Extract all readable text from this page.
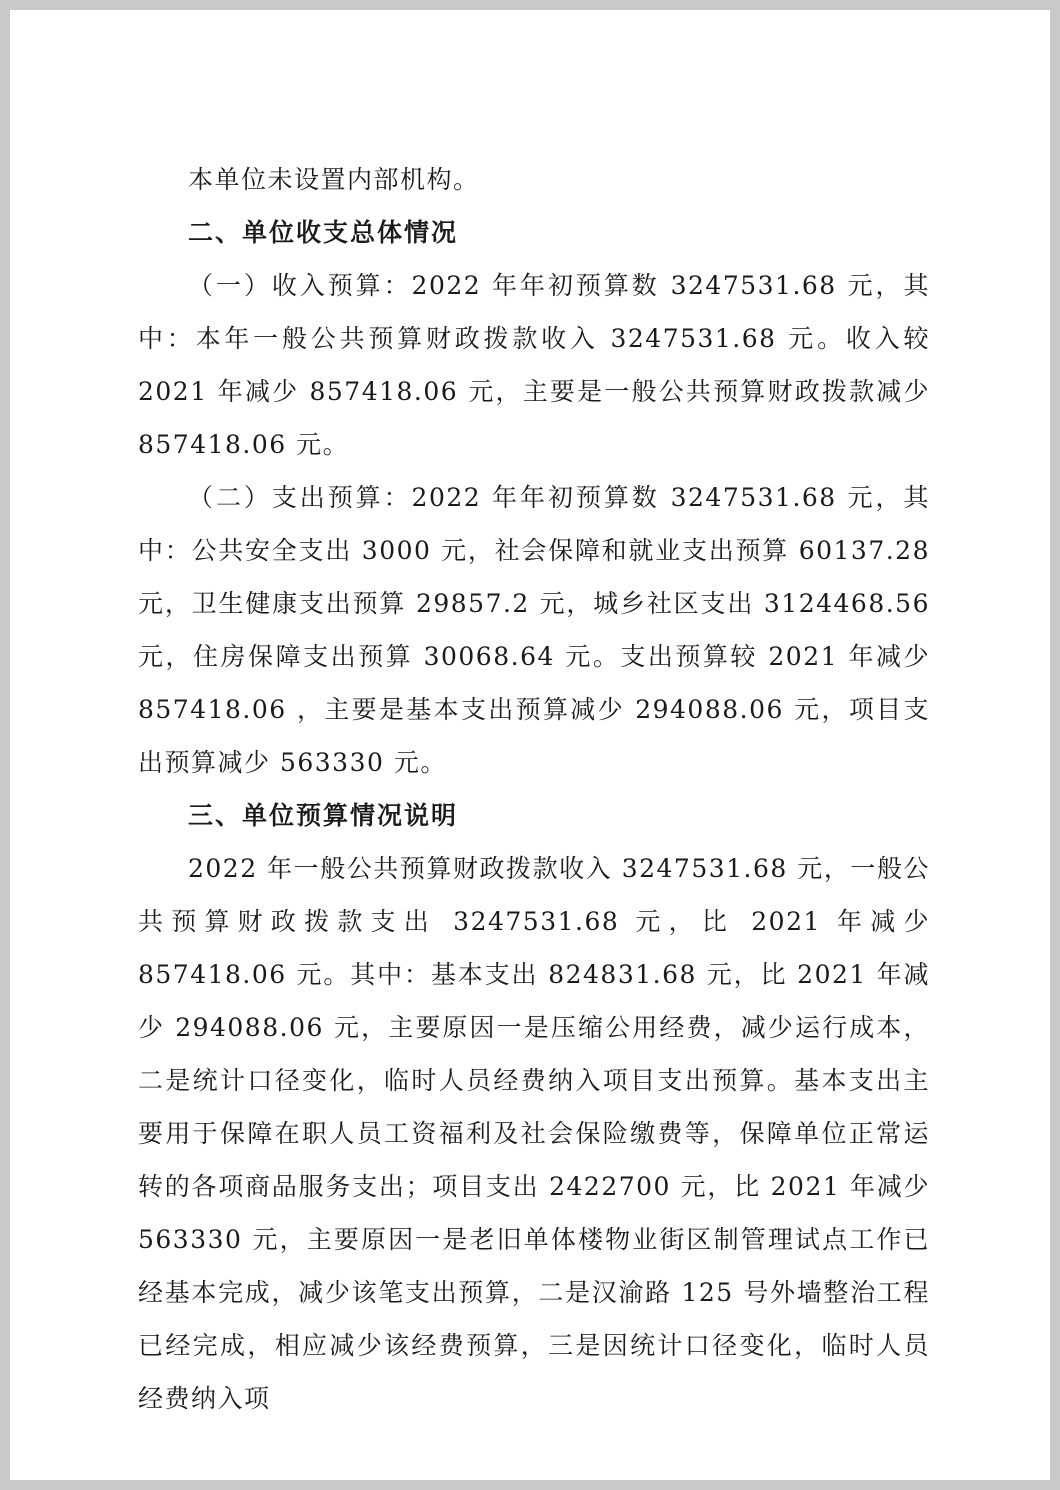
本单位未设置内部机构。

二、单位收支总体情况

（一）收入预算：2022 年年初预算数 3247531.68 元，其中：本年一般公共预算财政拨款收入 3247531.68 元。收入较 2021 年减少 857418.06 元，主要是一般公共预算财政拨款减少 857418.06 元。

（二）支出预算：2022 年年初预算数 3247531.68 元，其中：公共安全支出 3000 元，社会保障和就业支出预算 60137.28 元，卫生健康支出预算 29857.2 元，城乡社区支出 3124468.56 元，住房保障支出预算 30068.64 元。支出预算较 2021 年减少 857418.06 ，主要是基本支出预算减少 294088.06 元，项目支出预算减少 563330 元。

三、单位预算情况说明

2022 年一般公共预算财政拨款收入 3247531.68 元，一般公共预算财政拨款支出 3247531.68 元，比 2021 年减少 857418.06 元。其中：基本支出 824831.68 元，比 2021 年减少 294088.06 元，主要原因一是压缩公用经费，减少运行成本，二是统计口径变化，临时人员经费纳入项目支出预算。基本支出主要用于保障在职人员工资福利及社会保险缴费等，保障单位正常运转的各项商品服务支出；项目支出 2422700 元，比 2021 年减少 563330 元，主要原因一是老旧单体楼物业街区制管理试点工作已经基本完成，减少该笔支出预算，二是汉渝路 125 号外墙整治工程已经完成，相应减少该经费预算，三是因统计口径变化，临时人员经费纳入项
